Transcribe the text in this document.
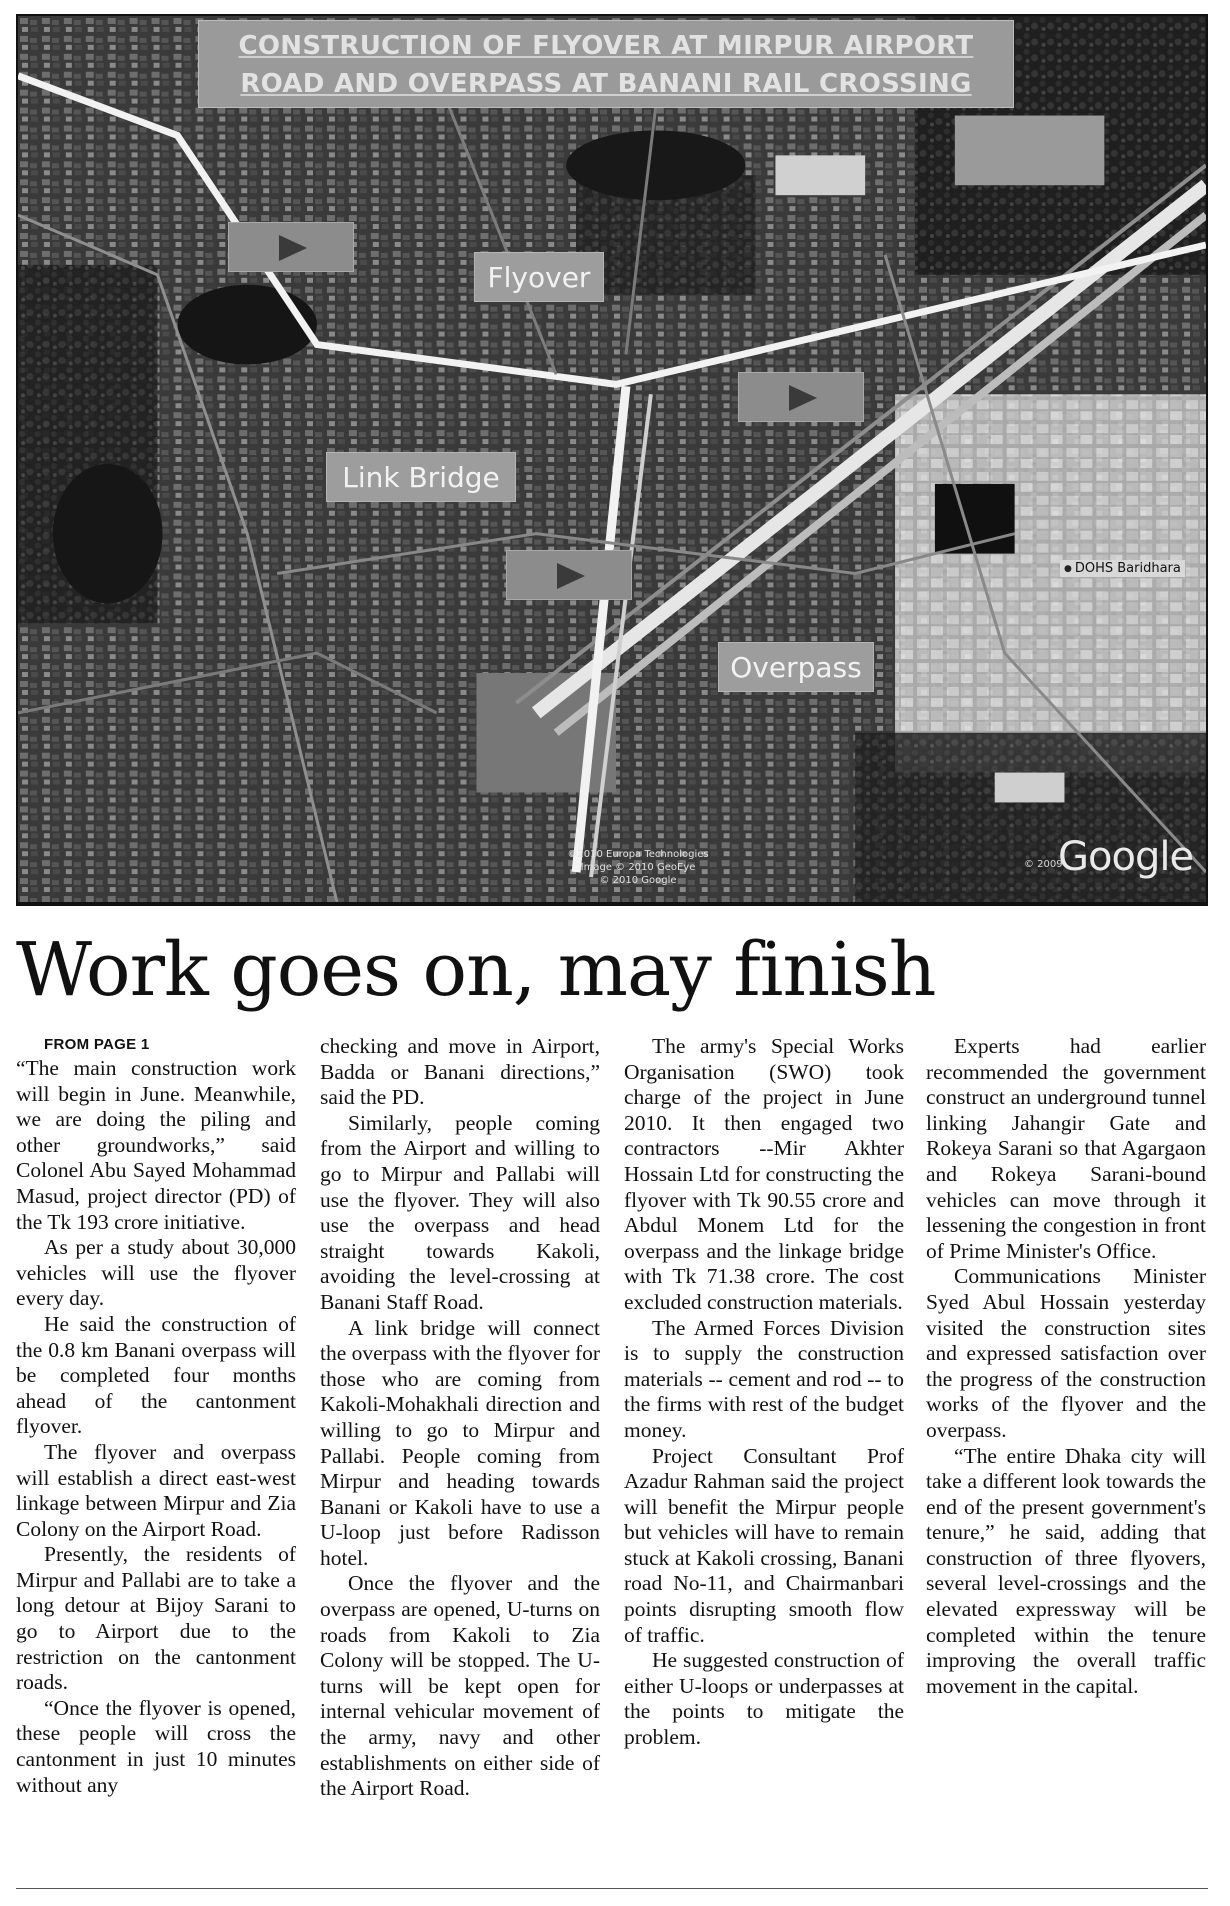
CONSTRUCTION OF FLYOVER AT MIRPUR AIRPORT
ROAD AND OVERPASS AT BANANI RAIL CROSSING
Flyover
Link Bridge
Overpass
● DOHS Baridhara
©2010 Europa Technologies
Image © 2010 GeoEye
© 2010 Google
© 2009
Google
Work goes on, may finish

FROM PAGE 1

“The main construction work will begin in June. Meanwhile, we are doing the piling and other groundworks,” said Colonel Abu Sayed Mohammad Masud, project director (PD) of the Tk 193 crore initiative.

As per a study about 30,000 vehicles will use the flyover every day.

He said the construction of the 0.8 km Banani overpass will be completed four months ahead of the cantonment flyover.

The flyover and overpass will establish a direct east-west linkage between Mirpur and Zia Colony on the Airport Road.

Presently, the residents of Mirpur and Pallabi are to take a long detour at Bijoy Sarani to go to Airport due to the restriction on the cantonment roads.

“Once the flyover is opened, these people will cross the cantonment in just 10 minutes without any

checking and move in Airport, Badda or Banani directions,” said the PD.

Similarly, people coming from the Airport and willing to go to Mirpur and Pallabi will use the flyover. They will also use the overpass and head straight towards Kakoli, avoiding the level-crossing at Banani Staff Road.

A link bridge will connect the overpass with the flyover for those who are coming from Kakoli-Mohakhali direction and willing to go to Mirpur and Pallabi. People coming from Mirpur and heading towards Banani or Kakoli have to use a U-loop just before Radisson hotel.

Once the flyover and the overpass are opened, U-turns on roads from Kakoli to Zia Colony will be stopped. The U-turns will be kept open for internal vehicular movement of the army, navy and other establishments on either side of the Airport Road.

The army's Special Works Organisation (SWO) took charge of the project in June 2010. It then engaged two contractors --Mir Akhter Hossain Ltd for constructing the flyover with Tk 90.55 crore and Abdul Monem Ltd for the overpass and the linkage bridge with Tk 71.38 crore. The cost excluded construction materials.

The Armed Forces Division is to supply the construction materials -- cement and rod -- to the firms with rest of the budget money.

Project Consultant Prof Azadur Rahman said the project will benefit the Mirpur people but vehicles will have to remain stuck at Kakoli crossing, Banani road No-11, and Chairmanbari points disrupting smooth flow of traffic.

He suggested construction of either U-loops or underpasses at the points to mitigate the problem.

Experts had earlier recommended the government construct an underground tunnel linking Jahangir Gate and Rokeya Sarani so that Agargaon and Rokeya Sarani-bound vehicles can move through it lessening the congestion in front of Prime Minister's Office.

Communications Minister Syed Abul Hossain yesterday visited the construction sites and expressed satisfaction over the progress of the construction works of the flyover and the overpass.

“The entire Dhaka city will take a different look towards the end of the present government's tenure,” he said, adding that construction of three flyovers, several level-crossings and the elevated expressway will be completed within the tenure improving the overall traffic movement in the capital.
